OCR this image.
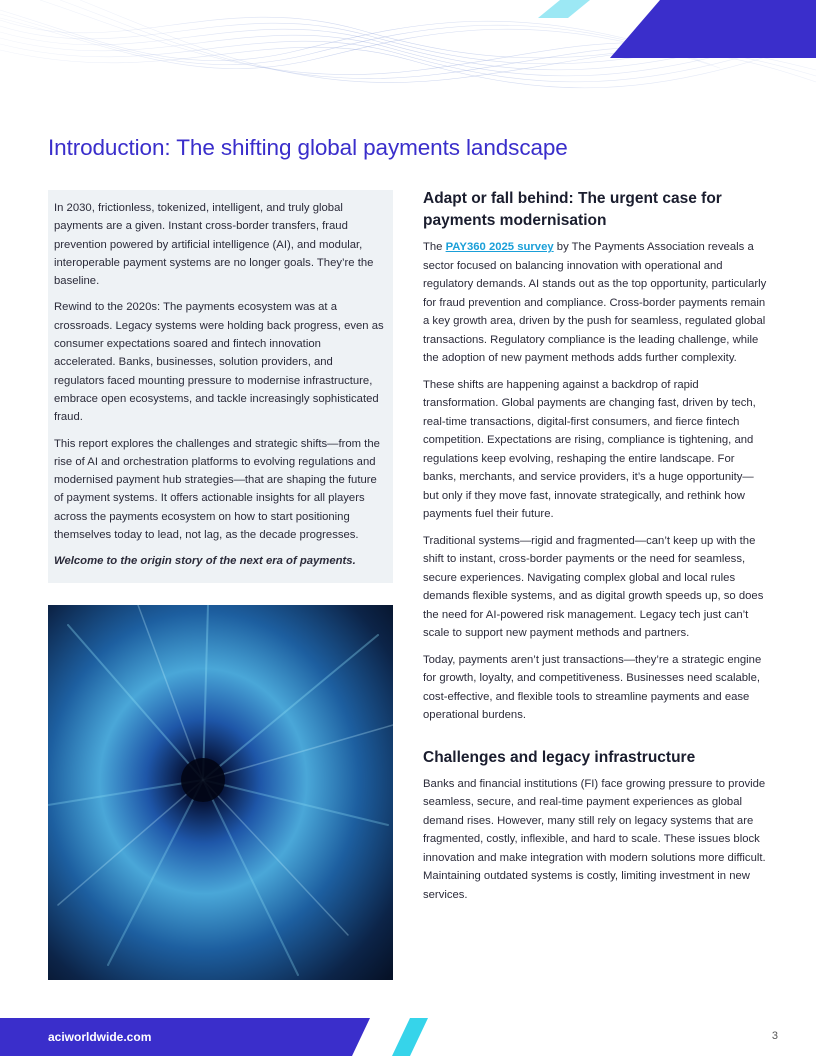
Introduction: The shifting global payments landscape

In 2030, frictionless, tokenized, intelligent, and truly global payments are a given. Instant cross-border transfers, fraud prevention powered by artificial intelligence (AI), and modular, interoperable payment systems are no longer goals. They’re the baseline.

Rewind to the 2020s: The payments ecosystem was at a crossroads. Legacy systems were holding back progress, even as consumer expectations soared and fintech innovation accelerated. Banks, businesses, solution providers, and regulators faced mounting pressure to modernise infrastructure, embrace open ecosystems, and tackle increasingly sophisticated fraud.

This report explores the challenges and strategic shifts—from the rise of AI and orchestration platforms to evolving regulations and modernised payment hub strategies—that are shaping the future of payment systems. It offers actionable insights for all players across the payments ecosystem on how to start positioning themselves today to lead, not lag, as the decade progresses.

Welcome to the origin story of the next era of payments.

Adapt or fall behind: The urgent case for payments modernisation

The PAY360 2025 survey by The Payments Association reveals a sector focused on balancing innovation with operational and regulatory demands. AI stands out as the top opportunity, particularly for fraud prevention and compliance. Cross-border payments remain a key growth area, driven by the push for seamless, regulated global transactions. Regulatory compliance is the leading challenge, while the adoption of new payment methods adds further complexity.

These shifts are happening against a backdrop of rapid transformation. Global payments are changing fast, driven by tech, real-time transactions, digital-first consumers, and fierce fintech competition. Expectations are rising, compliance is tightening, and regulations keep evolving, reshaping the entire landscape. For banks, merchants, and service providers, it’s a huge opportunity—but only if they move fast, innovate strategically, and rethink how payments fuel their future.

Traditional systems—rigid and fragmented—can’t keep up with the shift to instant, cross-border payments or the need for seamless, secure experiences. Navigating complex global and local rules demands flexible systems, and as digital growth speeds up, so does the need for AI-powered risk management. Legacy tech just can’t scale to support new payment methods and partners.

Today, payments aren’t just transactions—they’re a strategic engine for growth, loyalty, and competitiveness. Businesses need scalable, cost-effective, and flexible tools to streamline payments and ease operational burdens.

Challenges and legacy infrastructure

Banks and financial institutions (FI) face growing pressure to provide seamless, secure, and real-time payment experiences as global demand rises. However, many still rely on legacy systems that are fragmented, costly, inflexible, and hard to scale. These issues block innovation and make integration with modern solutions more difficult. Maintaining outdated systems is costly, limiting investment in new services.

aciworldwide.com	3
